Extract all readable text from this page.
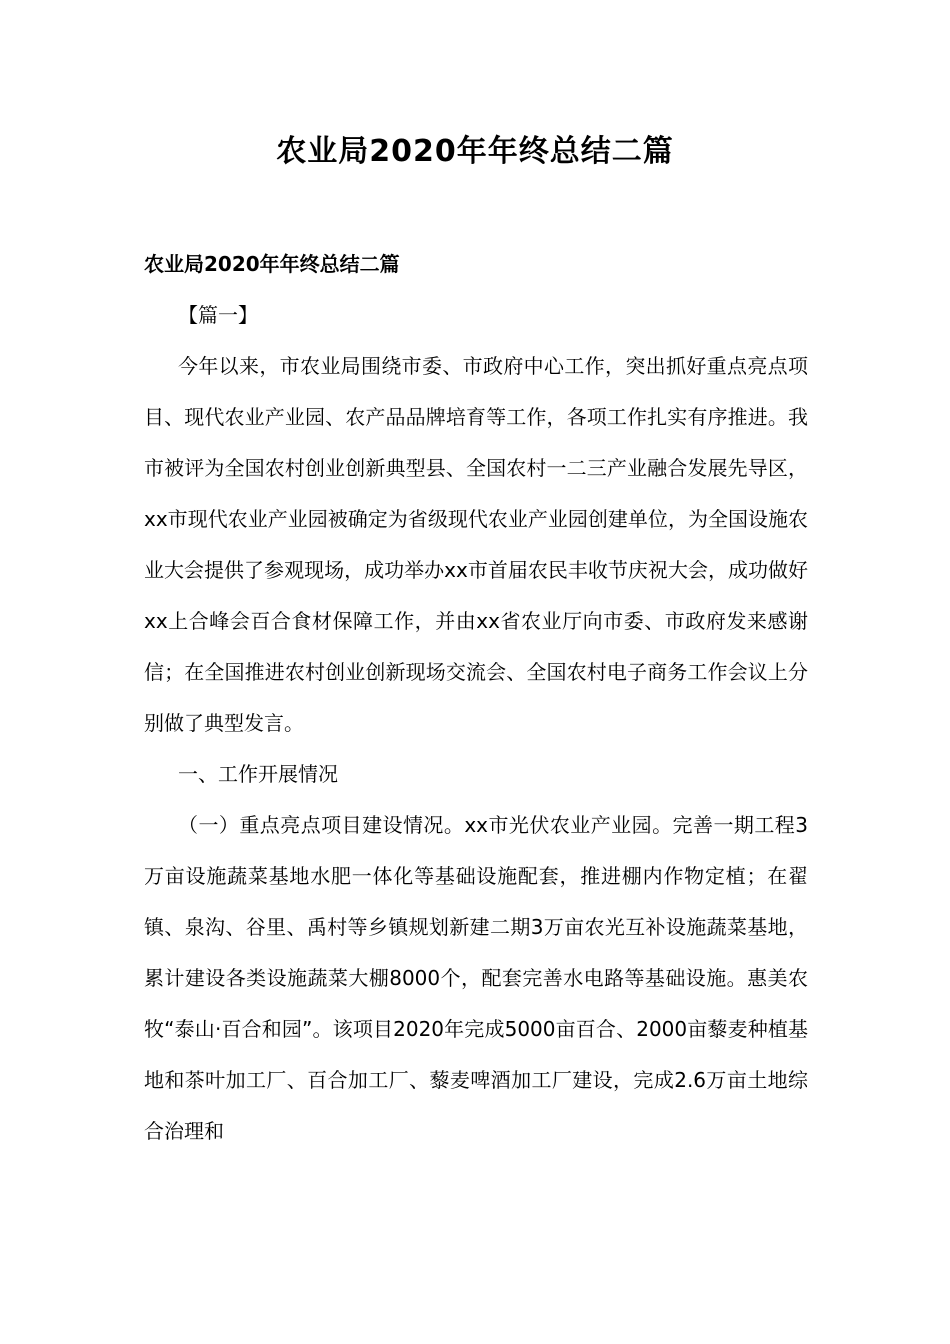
农业局2020年年终总结二篇

农业局2020年年终总结二篇

【篇一】

今年以来，市农业局围绕市委、市政府中心工作，突出抓好重点亮点项目、现代农业产业园、农产品品牌培育等工作，各项工作扎实有序推进。我市被评为全国农村创业创新典型县、全国农村一二三产业融合发展先导区，xx市现代农业产业园被确定为省级现代农业产业园创建单位，为全国设施农业大会提供了参观现场，成功举办xx市首届农民丰收节庆祝大会，成功做好xx上合峰会百合食材保障工作，并由xx省农业厅向市委、市政府发来感谢信；在全国推进农村创业创新现场交流会、全国农村电子商务工作会议上分别做了典型发言。

一、工作开展情况

（一）重点亮点项目建设情况。xx市光伏农业产业园。完善一期工程3万亩设施蔬菜基地水肥一体化等基础设施配套，推进棚内作物定植；在翟镇、泉沟、谷里、禹村等乡镇规划新建二期3万亩农光互补设施蔬菜基地，累计建设各类设施蔬菜大棚8000个，配套完善水电路等基础设施。惠美农牧“泰山·百合和园”。该项目2020年完成5000亩百合、2000亩藜麦种植基地和茶叶加工厂、百合加工厂、藜麦啤酒加工厂建设，完成2.6万亩土地综合治理和
